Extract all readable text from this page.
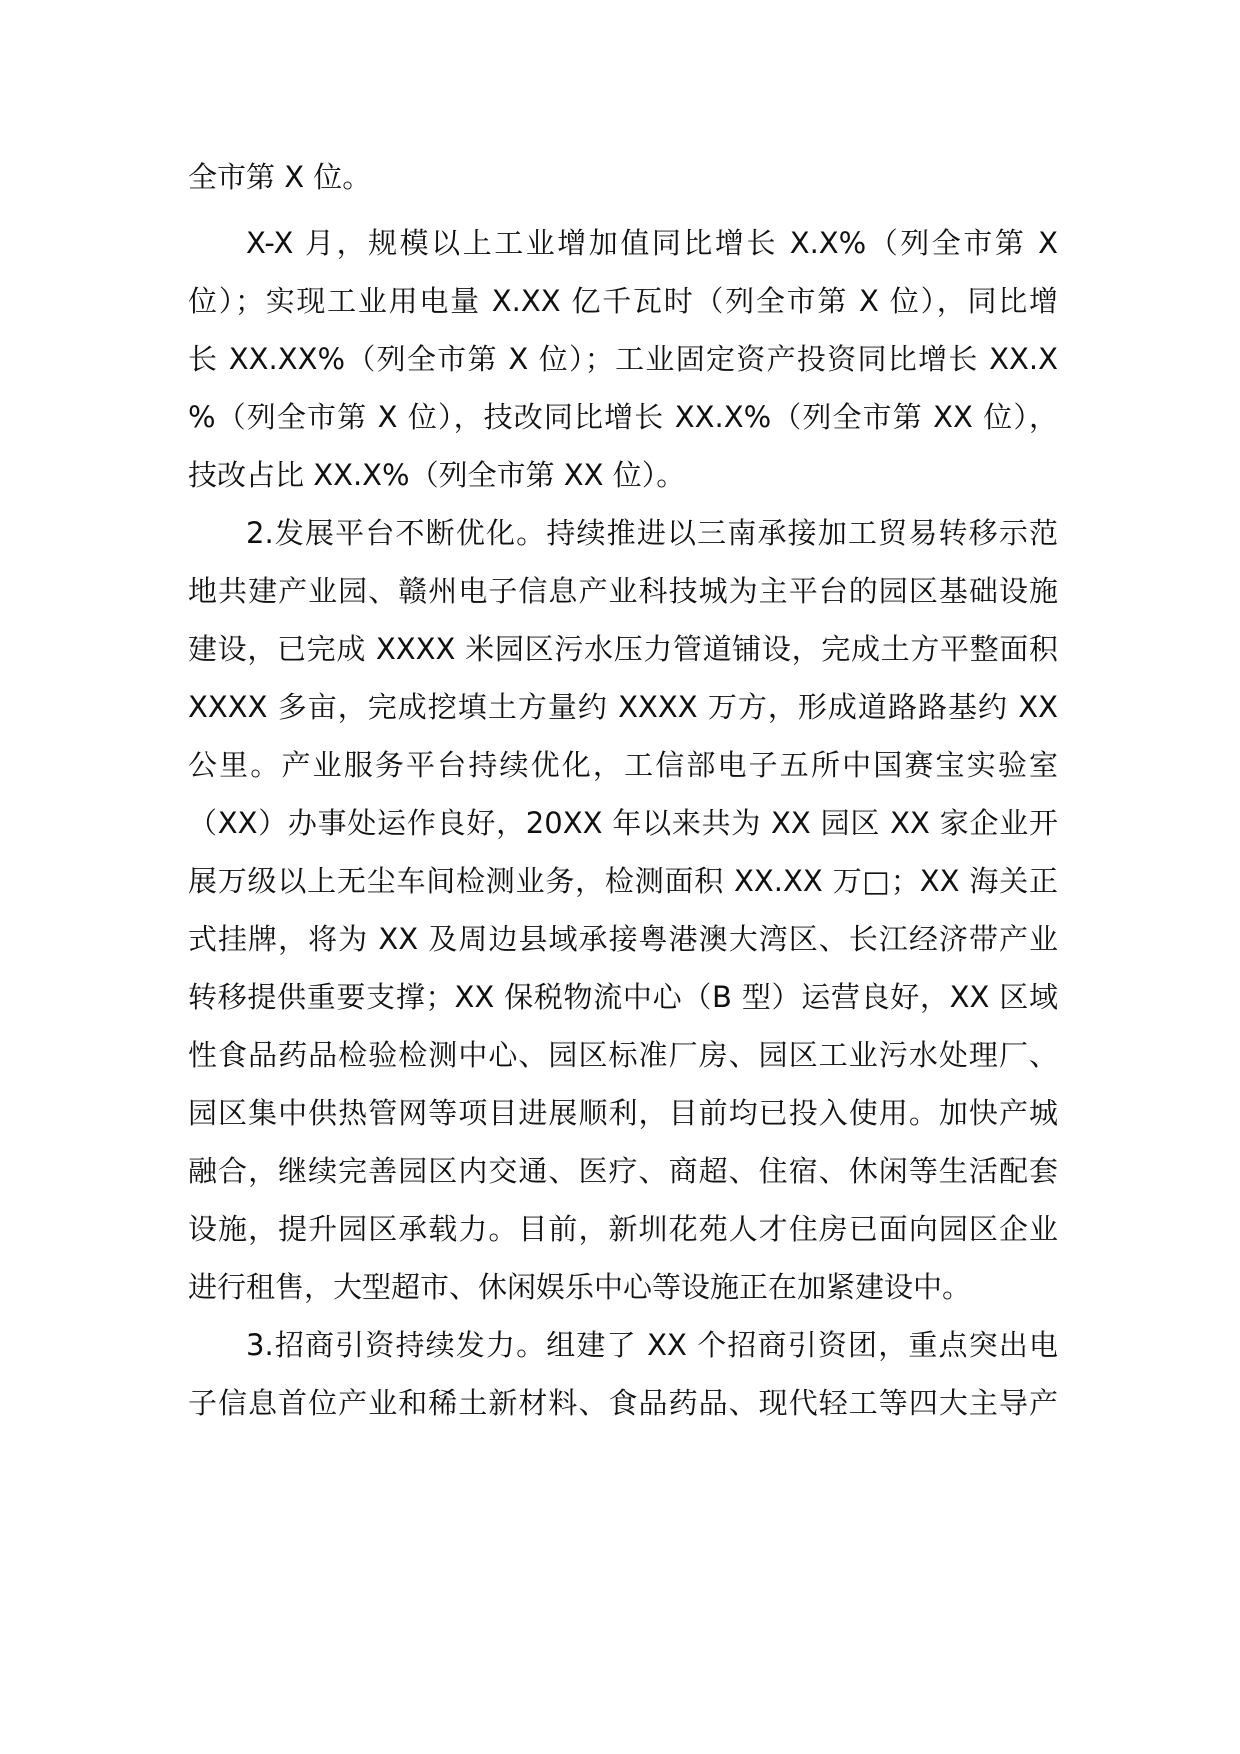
全市第 X 位。
X-X 月，规模以上工业增加值同比增长 X.X%（列全市第 X
位）；实现工业用电量 X.XX 亿千瓦时（列全市第 X 位），同比增
长 XX.XX%（列全市第 X 位）；工业固定资产投资同比增长 XX.X
%（列全市第 X 位），技改同比增长 XX.X%（列全市第 XX 位），
技改占比 XX.X%（列全市第 XX 位）。
2.发展平台不断优化。持续推进以三南承接加工贸易转移示范
地共建产业园、赣州电子信息产业科技城为主平台的园区基础设施
建设，已完成 XXXX 米园区污水压力管道铺设，完成土方平整面积
XXXX 多亩，完成挖填土方量约 XXXX 万方，形成道路路基约 XX
公里。产业服务平台持续优化，工信部电子五所中国赛宝实验室
（XX）办事处运作良好，20XX 年以来共为 XX 园区 XX 家企业开
展万级以上无尘车间检测业务，检测面积 XX.XX 万□；XX 海关正
式挂牌，将为 XX 及周边县域承接粤港澳大湾区、长江经济带产业
转移提供重要支撑；XX 保税物流中心（B 型）运营良好，XX 区域
性食品药品检验检测中心、园区标准厂房、园区工业污水处理厂、
园区集中供热管网等项目进展顺利，目前均已投入使用。加快产城
融合，继续完善园区内交通、医疗、商超、住宿、休闲等生活配套
设施，提升园区承载力。目前，新圳花苑人才住房已面向园区企业
进行租售，大型超市、休闲娱乐中心等设施正在加紧建设中。
3.招商引资持续发力。组建了 XX 个招商引资团，重点突出电
子信息首位产业和稀土新材料、食品药品、现代轻工等四大主导产
